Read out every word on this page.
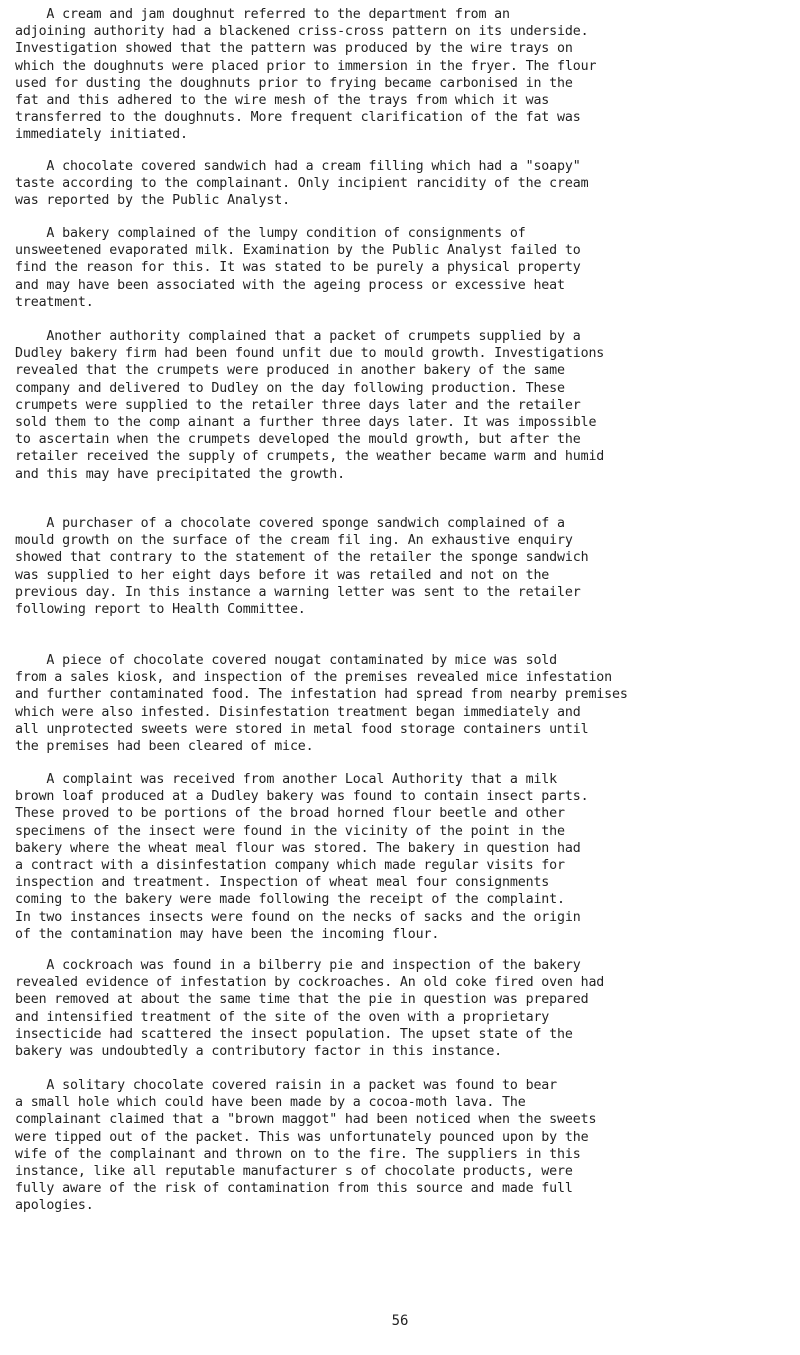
A cream and jam doughnut referred to the department from an
adjoining authority had a blackened criss-cross pattern on its underside.
Investigation showed that the pattern was produced by the wire trays on
which the doughnuts were placed prior to immersion in the fryer. The flour
used for dusting the doughnuts prior to frying became carbonised in the
fat and this adhered to the wire mesh of the trays from which it was
transferred to the doughnuts. More frequent clarification of the fat was
immediately initiated.

A chocolate covered sandwich had a cream filling which had a "soapy"
taste according to the complainant. Only incipient rancidity of the cream
was reported by the Public Analyst.

A bakery complained of the lumpy condition of consignments of
unsweetened evaporated milk. Examination by the Public Analyst failed to
find the reason for this. It was stated to be purely a physical property
and may have been associated with the ageing process or excessive heat
treatment.

Another authority complained that a packet of crumpets supplied by a
Dudley bakery firm had been found unfit due to mould growth. Investigations
revealed that the crumpets were produced in another bakery of the same
company and delivered to Dudley on the day following production. These
crumpets were supplied to the retailer three days later and the retailer
sold them to the comp ainant a further three days later. It was impossible
to ascertain when the crumpets developed the mould growth, but after the
retailer received the supply of crumpets, the weather became warm and humid
and this may have precipitated the growth.

A purchaser of a chocolate covered sponge sandwich complained of a
mould growth on the surface of the cream fil ing. An exhaustive enquiry
showed that contrary to the statement of the retailer the sponge sandwich
was supplied to her eight days before it was retailed and not on the
previous day. In this instance a warning letter was sent to the retailer
following report to Health Committee.

A piece of chocolate covered nougat contaminated by mice was sold
from a sales kiosk, and inspection of the premises revealed mice infestation
and further contaminated food. The infestation had spread from nearby premises
which were also infested. Disinfestation treatment began immediately and
all unprotected sweets were stored in metal food storage containers until
the premises had been cleared of mice.

A complaint was received from another Local Authority that a milk
brown loaf produced at a Dudley bakery was found to contain insect parts.
These proved to be portions of the broad horned flour beetle and other
specimens of the insect were found in the vicinity of the point in the
bakery where the wheat meal flour was stored. The bakery in question had
a contract with a disinfestation company which made regular visits for
inspection and treatment. Inspection of wheat meal four consignments
coming to the bakery were made following the receipt of the complaint.
In two instances insects were found on the necks of sacks and the origin
of the contamination may have been the incoming flour.

A cockroach was found in a bilberry pie and inspection of the bakery
revealed evidence of infestation by cockroaches. An old coke fired oven had
been removed at about the same time that the pie in question was prepared
and intensified treatment of the site of the oven with a proprietary
insecticide had scattered the insect population. The upset state of the
bakery was undoubtedly a contributory factor in this instance.

A solitary chocolate covered raisin in a packet was found to bear
a small hole which could have been made by a cocoa-moth lava. The
complainant claimed that a "brown maggot" had been noticed when the sweets
were tipped out of the packet. This was unfortunately pounced upon by the
wife of the complainant and thrown on to the fire. The suppliers in this
instance, like all reputable manufacturer s of chocolate products, were
fully aware of the risk of contamination from this source and made full
apologies.

56
